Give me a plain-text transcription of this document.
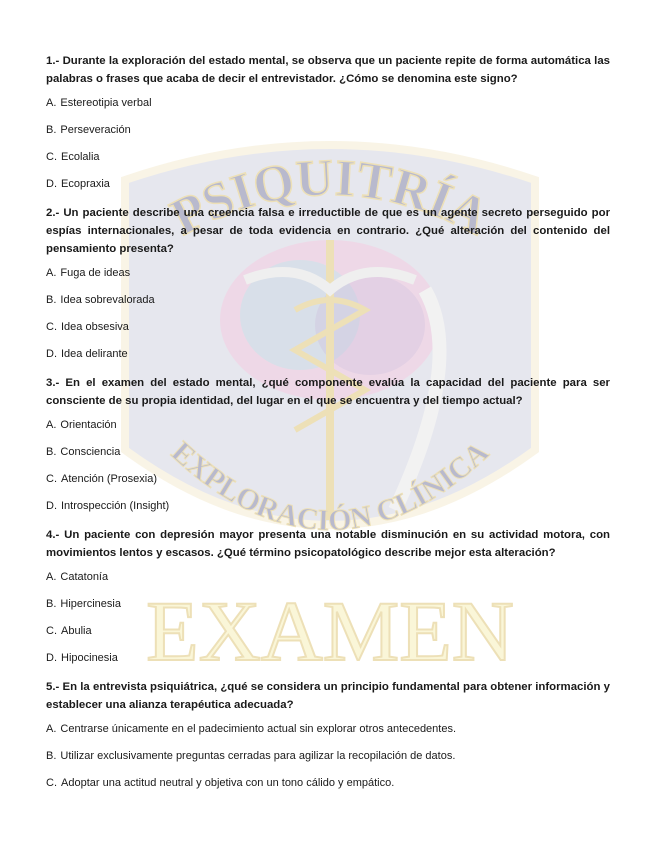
PSIQUITRÍA
EXPLORACIÓN CLÍNICA
EXAMEN

1.- Durante la exploración del estado mental, se observa que un paciente repite de forma automática las palabras o frases que acaba de decir el entrevistador. ¿Cómo se denomina este signo?

A. Estereotipia verbal
B. Perseveración
C. Ecolalia
D. Ecopraxia

2.- Un paciente describe una creencia falsa e irreductible de que es un agente secreto perseguido por espías internacionales, a pesar de toda evidencia en contrario. ¿Qué alteración del contenido del pensamiento presenta?

A. Fuga de ideas
B. Idea sobrevalorada
C. Idea obsesiva
D. Idea delirante

3.- En el examen del estado mental, ¿qué componente evalúa la capacidad del paciente para ser consciente de su propia identidad, del lugar en el que se encuentra y del tiempo actual?

A. Orientación
B. Consciencia
C. Atención (Prosexia)
D. Introspección (Insight)

4.- Un paciente con depresión mayor presenta una notable disminución en su actividad motora, con movimientos lentos y escasos. ¿Qué término psicopatológico describe mejor esta alteración?

A. Catatonía
B. Hipercinesia
C. Abulia
D. Hipocinesia

5.- En la entrevista psiquiátrica, ¿qué se considera un principio fundamental para obtener información y establecer una alianza terapéutica adecuada?

A. Centrarse únicamente en el padecimiento actual sin explorar otros antecedentes.
B. Utilizar exclusivamente preguntas cerradas para agilizar la recopilación de datos.
C. Adoptar una actitud neutral y objetiva con un tono cálido y empático.
